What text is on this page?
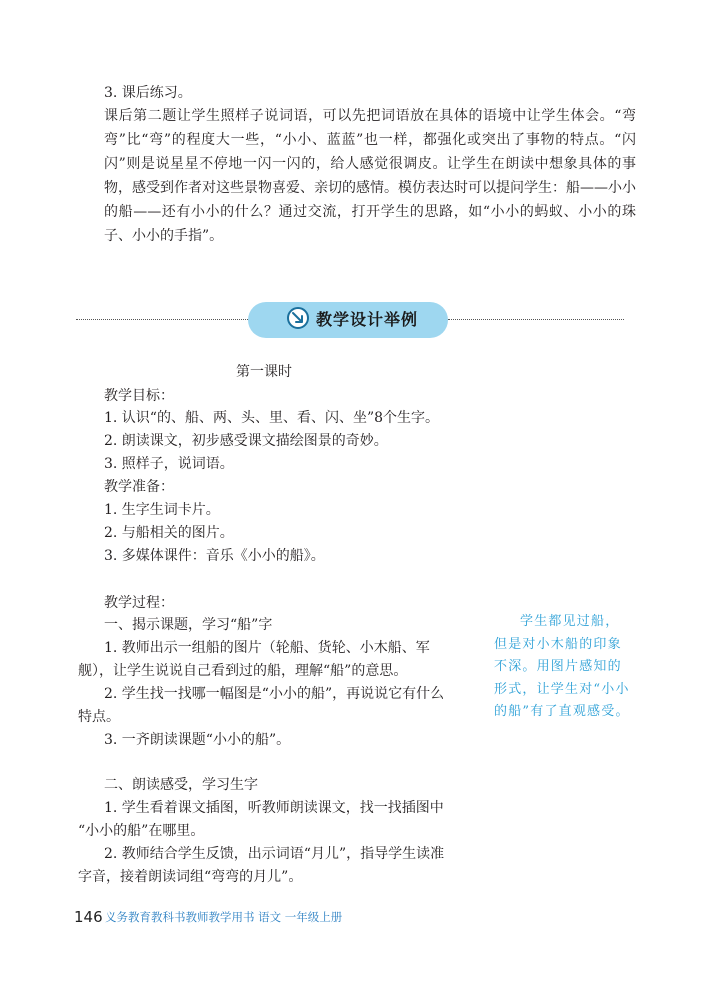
3. 课后练习。
课后第二题让学生照样子说词语，可以先把词语放在具体的语境中让学生体会。“弯弯”比“弯”的程度大一些，“小小、蓝蓝”也一样，都强化或突出了事物的特点。“闪闪”则是说星星不停地一闪一闪的，给人感觉很调皮。让学生在朗读中想象具体的事物，感受到作者对这些景物喜爱、亲切的感情。模仿表达时可以提问学生：船——小小的船——还有小小的什么？通过交流，打开学生的思路，如“小小的蚂蚁、小小的珠子、小小的手指”。
教学设计举例
第一课时
教学目标：
1. 认识“的、船、两、头、里、看、闪、坐”8个生字。
2. 朗读课文，初步感受课文描绘图景的奇妙。
3. 照样子，说词语。
教学准备：
1. 生字生词卡片。
2. 与船相关的图片。
3. 多媒体课件：音乐《小小的船》。
教学过程：
一、揭示课题，学习“船”字
1. 教师出示一组船的图片（轮船、货轮、小木船、军
舰），让学生说说自己看到过的船，理解“船”的意思。
2. 学生找一找哪一幅图是“小小的船”，再说说它有什么
特点。
3. 一齐朗读课题“小小的船”。
学生都见过船，但是对小木船的印象不深。用图片感知的形式，让学生对“小小的船”有了直观感受。
二、朗读感受，学习生字
1. 学生看着课文插图，听教师朗读课文，找一找插图中
“小小的船”在哪里。
2. 教师结合学生反馈，出示词语“月儿”，指导学生读准
字音，接着朗读词组“弯弯的月儿”。
146 义务教育教科书教师教学用书 语文 一年级上册
